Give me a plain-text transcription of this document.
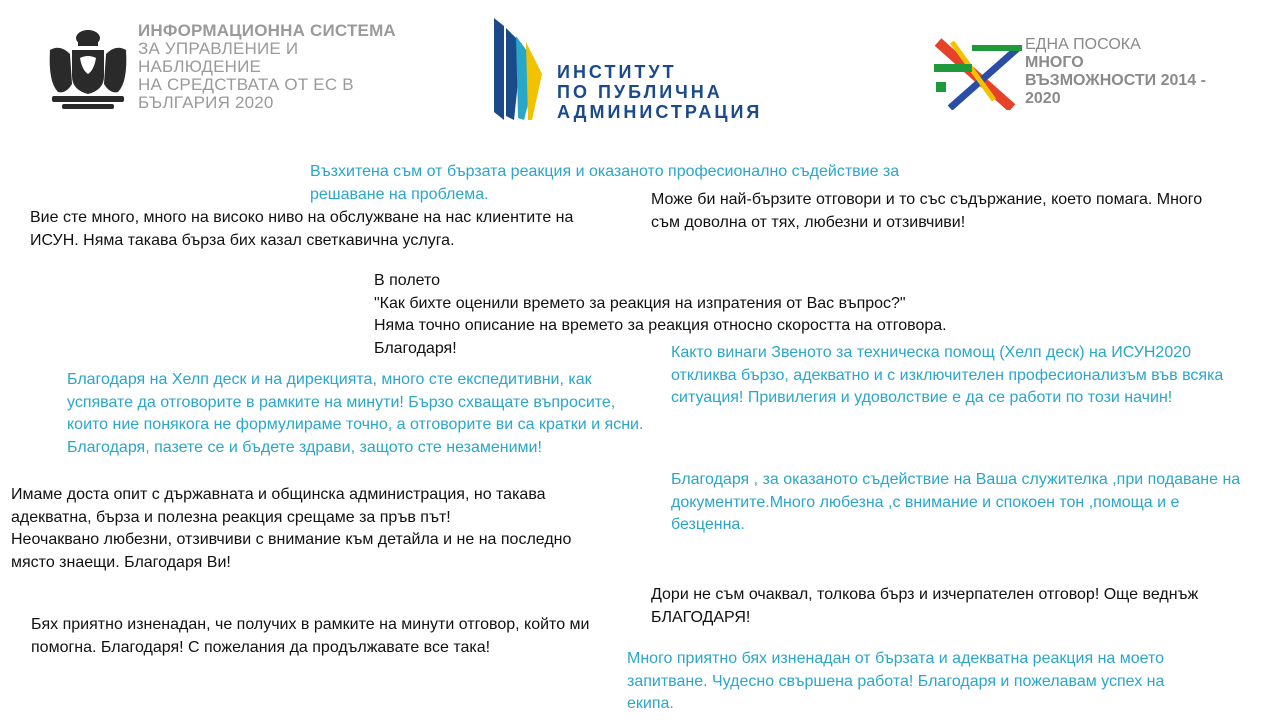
ИНФОРМАЦИОННА СИСТЕМА
ЗА УПРАВЛЕНИЕ И
НАБЛЮДЕНИЕ
НА СРЕДСТВАТА ОТ ЕС В
БЪЛГАРИЯ 2020
ИНСТИТУТ
ПО ПУБЛИЧНА
АДМИНИСТРАЦИЯ
ЕДНА ПОСОКА
МНОГО
ВЪЗМОЖНОСТИ 2014 -
2020
Възхитена съм от бързата реакция и оказаното професионално съдействие за
решаване на проблема.	Може би най-бързите отговори и то със съдържание, което помага. Много
съм доволна от тях, любезни и отзивчиви!
Вие сте много, много на високо ниво на обслужване на нас клиентите на
ИСУН. Няма такава бърза бих казал светкавична услуга.
В полето
"Как бихте оценили времето за реакция на изпратения от Вас въпрос?"
Няма точно описание на времето за реакция относно скоростта на отговора.
Благодаря!	Както винаги Звеното за техническа помощ (Хелп деск) на ИСУН2020
откликва бързо, адекватно и с изключителен професионализъм във всяка
ситуация! Привилегия и удоволствие е да се работи по този начин!
Благодаря на Хелп деск и на дирекцията, много сте експедитивни, как
успявате да отговорите в рамките на минути! Бързо схващате въпросите,
които ние понякога не формулираме точно, а отговорите ви са кратки и ясни.
Благодаря, пазете се и бъдете здрави, защото сте незаменими!
Благодаря , за оказаното съдействие на Ваша служителка ,при подаване на
документите.Много любезна ,с внимание и спокоен тон ,помоща и е
безценна.
Имаме доста опит с държавната и общинска администрация, но такава
адекватна, бърза и полезна реакция срещаме за пръв път!
Неочаквано любезни, отзивчиви с внимание към детайла и не на последно
място знаещи. Благодаря Ви!
Дори не съм очаквал, толкова бърз и изчерпателен отговор! Още веднъж
БЛАГОДАРЯ!
Бях приятно изненадан, че получих в рамките на минути отговор, който ми
помогна. Благодаря! С пожелания да продължавате все така!
Много приятно бях изненадан от бързата и адекватна реакция на моето
запитване. Чудесно свършена работа! Благодаря и пожелавам успех на
екипа.
